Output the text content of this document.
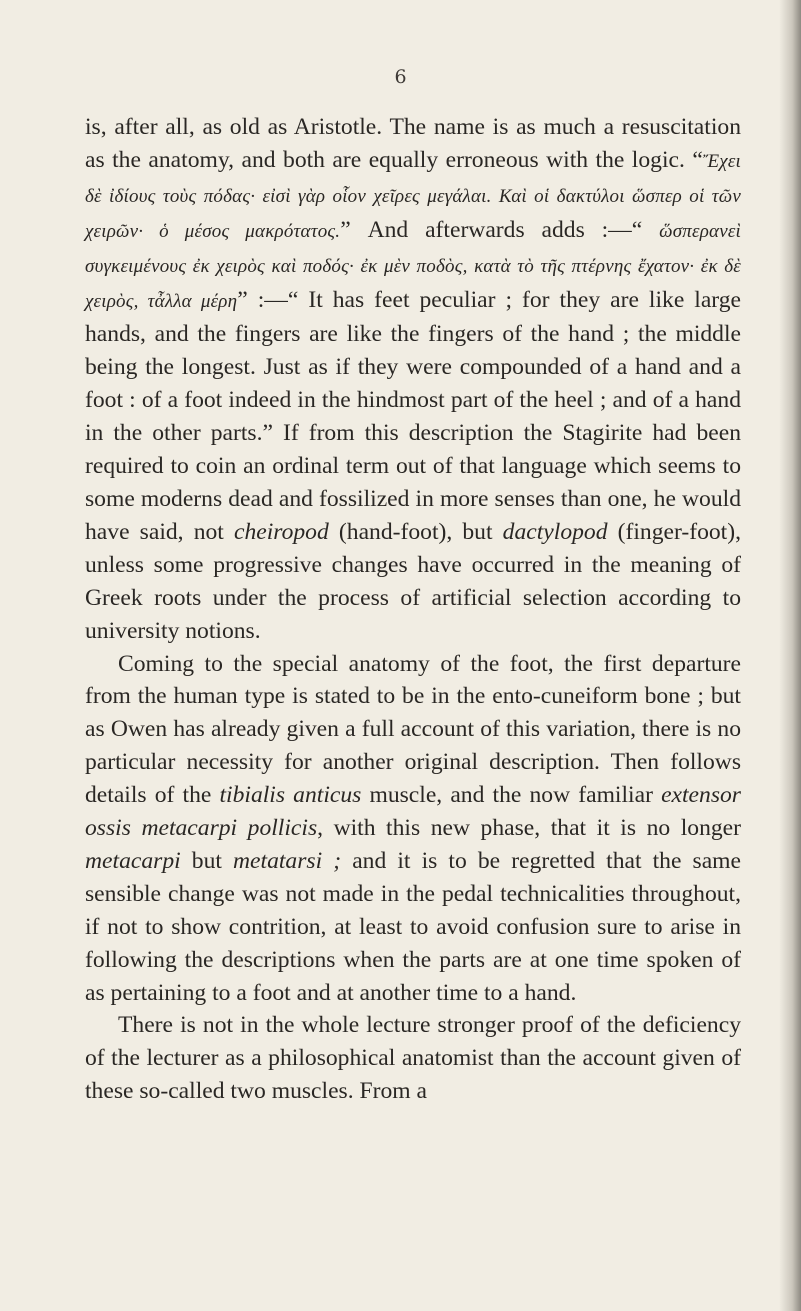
6

is, after all, as old as Aristotle. The name is as much a resuscitation as the anatomy, and both are equally erroneous with the logic. “Ἔχει δὲ ἰδίους τοὺς πόδας· εἰσὶ γὰρ οἷον χεῖρες μεγάλαι. Καὶ οἱ δακτύλοι ὥσπερ οἱ τῶν χειρῶν· ὁ μέσος μακρότατος.” And afterwards adds :—“ ὥσπερανεὶ συγκειμένους ἐκ χειρὸς καὶ ποδός· ἐκ μὲν ποδὸς, κατὰ τὸ τῆς πτέρνης ἔχατον· ἐκ δὲ χειρὸς, τἆλλα μέρη” :—“ It has feet peculiar ; for they are like large hands, and the fingers are like the fingers of the hand ; the middle being the longest. Just as if they were compounded of a hand and a foot : of a foot indeed in the hindmost part of the heel ; and of a hand in the other parts.” If from this description the Stagirite had been required to coin an ordinal term out of that language which seems to some moderns dead and fossilized in more senses than one, he would have said, not cheiropod (hand-foot), but dactylopod (finger-foot), unless some progressive changes have occurred in the meaning of Greek roots under the process of artificial selection according to university notions.

Coming to the special anatomy of the foot, the first departure from the human type is stated to be in the ento-cuneiform bone ; but as Owen has already given a full account of this variation, there is no particular necessity for another original description. Then follows details of the tibialis anticus muscle, and the now familiar extensor ossis metacarpi pollicis, with this new phase, that it is no longer metacarpi but metatarsi ; and it is to be regretted that the same sensible change was not made in the pedal technicalities throughout, if not to show contrition, at least to avoid confusion sure to arise in following the descriptions when the parts are at one time spoken of as pertaining to a foot and at another time to a hand.

There is not in the whole lecture stronger proof of the deficiency of the lecturer as a philosophical anatomist than the account given of these so-called two muscles. From a
